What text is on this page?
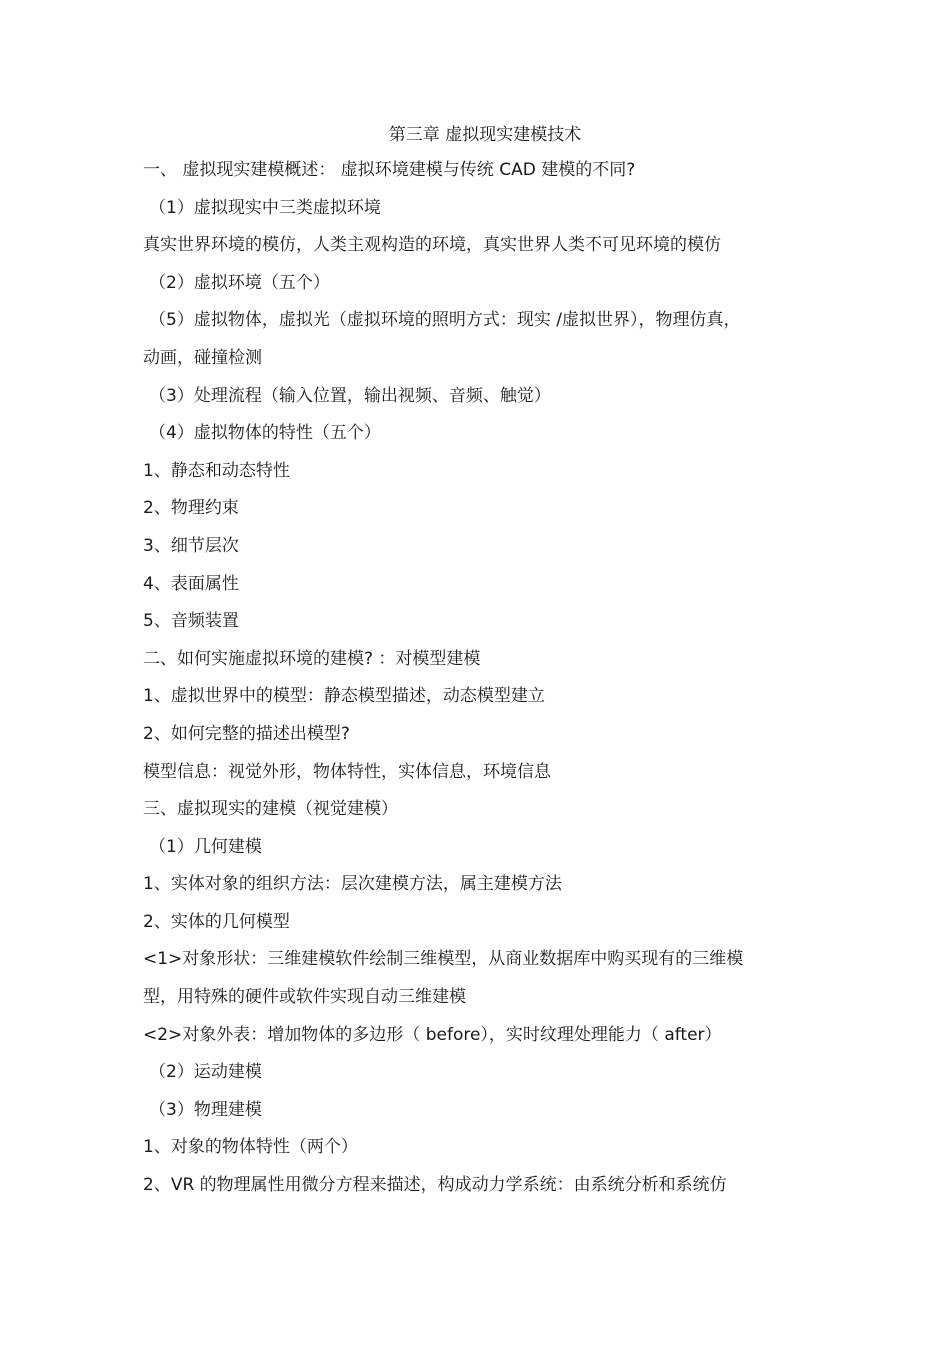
第三章 虚拟现实建模技术
一、 虚拟现实建模概述： 虚拟环境建模与传统 CAD 建模的不同?
（1）虚拟现实中三类虚拟环境
真实世界环境的模仿，人类主观构造的环境，真实世界人类不可见环境的模仿
（2）虚拟环境（五个）
（5）虚拟物体，虚拟光（虚拟环境的照明方式：现实 /虚拟世界），物理仿真，
动画，碰撞检测
（3）处理流程（输入位置，输出视频、音频、触觉）
（4）虚拟物体的特性（五个）
1、静态和动态特性
2、物理约束
3、细节层次
4、表面属性
5、音频装置
二、如何实施虚拟环境的建模? ：对模型建模
1、虚拟世界中的模型：静态模型描述，动态模型建立
2、如何完整的描述出模型?
模型信息：视觉外形，物体特性，实体信息，环境信息
三、虚拟现实的建模（视觉建模）
（1）几何建模
1、实体对象的组织方法：层次建模方法，属主建模方法
2、实体的几何模型
<1>对象形状：三维建模软件绘制三维模型，从商业数据库中购买现有的三维模
型，用特殊的硬件或软件实现自动三维建模
<2>对象外表：增加物体的多边形（ before），实时纹理处理能力（ after）
（2）运动建模
（3）物理建模
1、对象的物体特性（两个）
2、VR 的物理属性用微分方程来描述，构成动力学系统：由系统分析和系统仿
